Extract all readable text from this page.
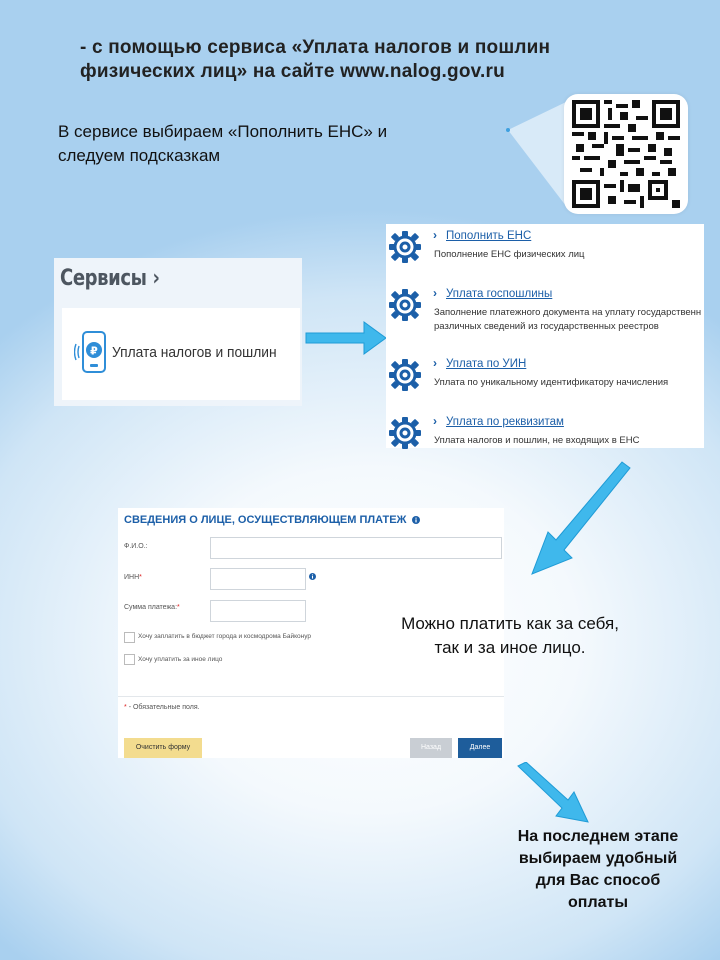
- с помощью сервиса «Уплата налогов и пошлин
физических лиц» на сайте www.nalog.gov.ru
В сервисе выбираем «Пополнить ЕНС» и
следуем подсказкам
Сервисы ›
₽ Уплата налогов и пошлин
› Пополнить ЕНС
Пополнение ЕНС физических лиц
› Уплата госпошлины
Заполнение платежного документа на уплату государственн
различных сведений из государственных реестров
› Уплата по УИН
Уплата по уникальному идентификатору начисления
› Уплата по реквизитам
Уплата налогов и пошлин, не входящих в ЕНС
СВЕДЕНИЯ О ЛИЦЕ, ОСУЩЕСТВЛЯЮЩЕМ ПЛАТЕЖ
Ф.И.О.:
ИНН*
Сумма платежа:*
Хочу заплатить в бюджет города и космодрома Байконур
Хочу уплатить за иное лицо
* - Обязательные поля.
Очистить форму	Назад	Далее
Можно платить как за себя,
так и за иное лицо.
На последнем этапе
выбираем удобный
для Вас способ
оплаты
